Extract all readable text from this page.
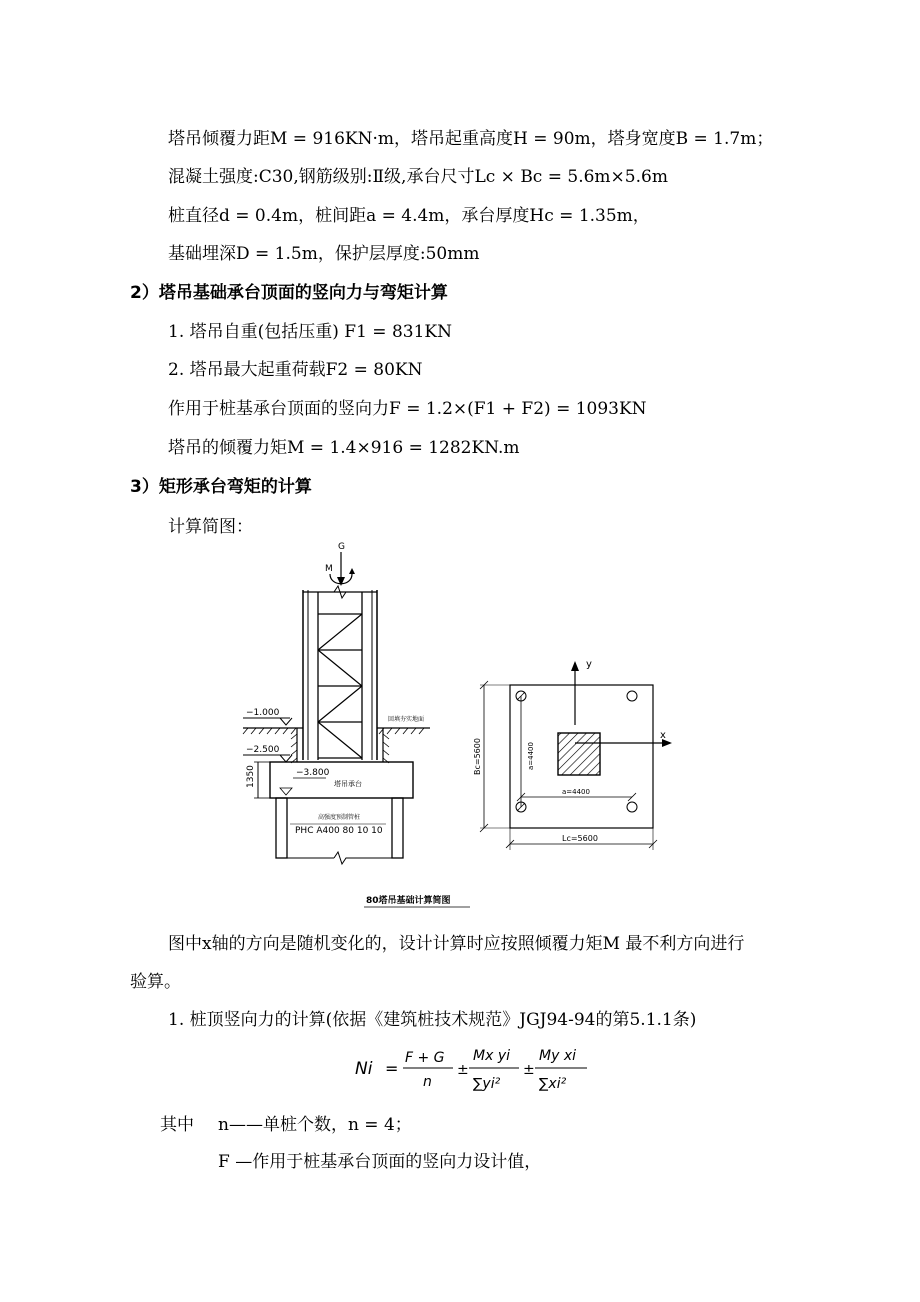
塔吊倾覆力距M = 916KN·m，塔吊起重高度H = 90m，塔身宽度B = 1.7m；
混凝土强度:C30,钢筋级别:Ⅱ级,承台尺寸Lc × Bc = 5.6m×5.6m
桩直径d = 0.4m，桩间距a = 4.4m，承台厚度Hc = 1.35m，
基础埋深D = 1.5m，保护层厚度:50mm
2）塔吊基础承台顶面的竖向力与弯矩计算
1. 塔吊自重(包括压重) F1 = 831KN
2. 塔吊最大起重荷载F2 = 80KN
作用于桩基承台顶面的竖向力F = 1.2×(F1 + F2) = 1093KN
塔吊的倾覆力矩M = 1.4×916 = 1282KN.m
3）矩形承台弯矩的计算
计算简图：
G
M
−1.000
回填夯实地面
−2.500
−3.800
塔吊承台
1350
高强度预制管桩
PHC A400 80 10 10
y
x
a=4400
a=4400
Bc=5600
Lc=5600
80塔吊基础计算简图
图中x轴的方向是随机变化的，设计计算时应按照倾覆力矩M 最不利方向进行
验算。
1. 桩顶竖向力的计算(依据《建筑桩技术规范》JGJ94-94的第5.1.1条)
Ni =
F + G
n
±
Mx yi
∑yi²
±
My xi
∑xi²
其中 n——单桩个数，n = 4；
F —作用于桩基承台顶面的竖向力设计值，
